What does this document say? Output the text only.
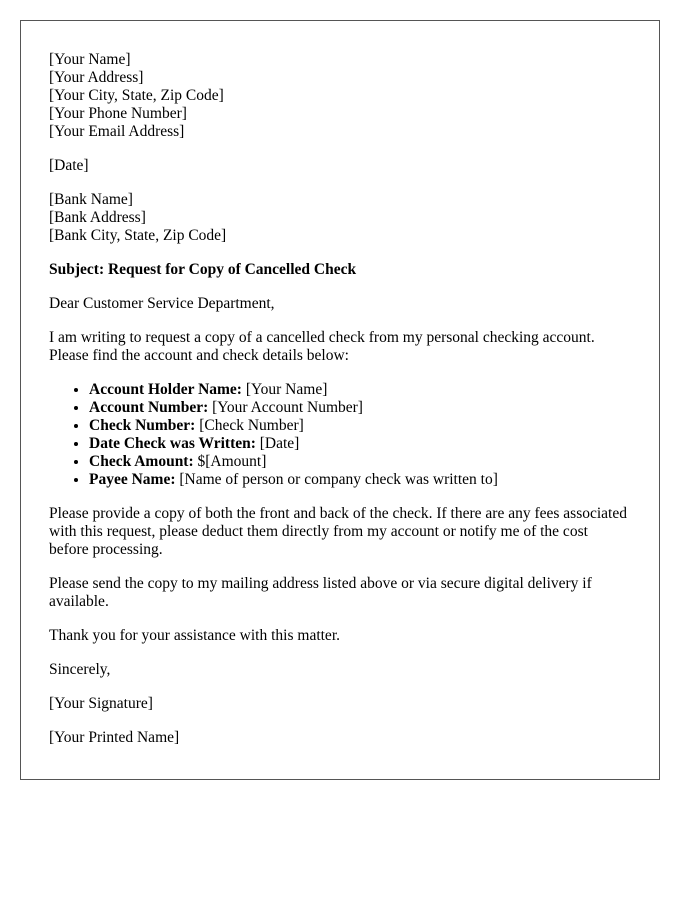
[Your Name]
[Your Address]
[Your City, State, Zip Code]
[Your Phone Number]
[Your Email Address]
[Date]
[Bank Name]
[Bank Address]
[Bank City, State, Zip Code]

Subject: Request for Copy of Cancelled Check

Dear Customer Service Department,

I am writing to request a copy of a cancelled check from my personal checking account. Please find the account and check details below:

• Account Holder Name: [Your Name]
• Account Number: [Your Account Number]
• Check Number: [Check Number]
• Date Check was Written: [Date]
• Check Amount: $[Amount]
• Payee Name: [Name of person or company check was written to]

Please provide a copy of both the front and back of the check. If there are any fees associated with this request, please deduct them directly from my account or notify me of the cost before processing.

Please send the copy to my mailing address listed above or via secure digital delivery if available.

Thank you for your assistance with this matter.

Sincerely,

[Your Signature]

[Your Printed Name]
